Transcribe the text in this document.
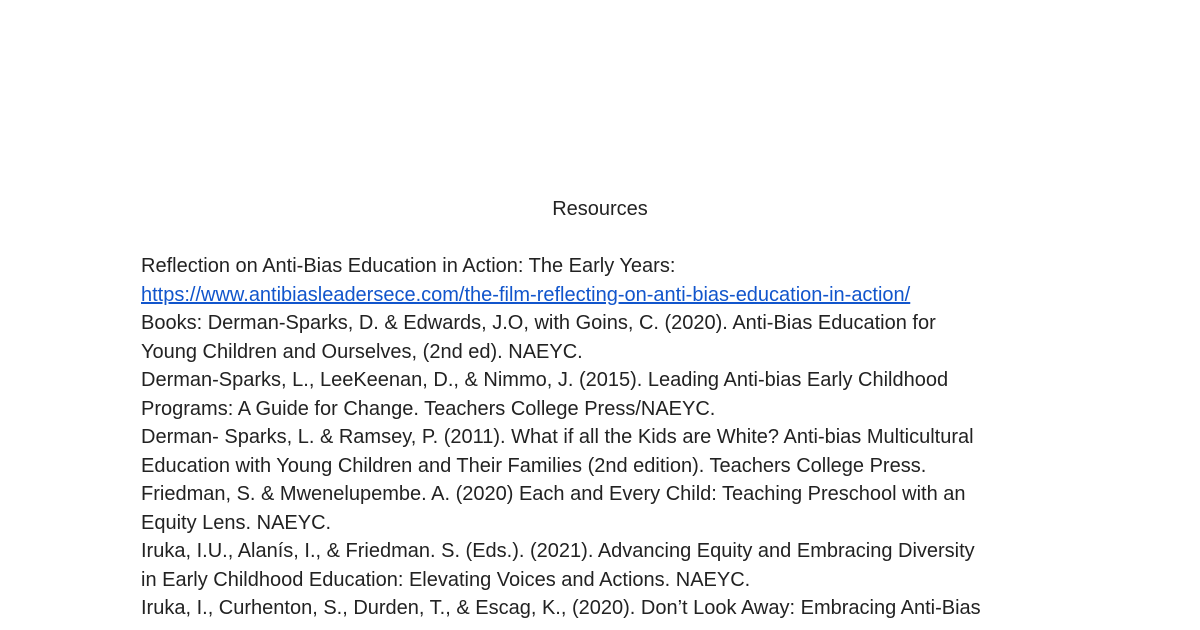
Resources
Reflection on Anti-Bias Education in Action: The Early Years:
https://www.antibiasleadersece.com/the-film-reflecting-on-anti-bias-education-in-action/
Books: Derman-Sparks, D. & Edwards, J.O, with Goins, C. (2020). Anti-Bias Education for
Young Children and Ourselves, (2nd ed). NAEYC.
Derman-Sparks, L., LeeKeenan, D., & Nimmo, J. (2015). Leading Anti-bias Early Childhood
Programs: A Guide for Change. Teachers College Press/NAEYC.
Derman- Sparks, L. & Ramsey, P. (2011). What if all the Kids are White? Anti-bias Multicultural
Education with Young Children and Their Families (2nd edition). Teachers College Press.
Friedman, S. & Mwenelupembe. A. (2020) Each and Every Child: Teaching Preschool with an
Equity Lens. NAEYC.
Iruka, I.U., Alanís, I., & Friedman. S. (Eds.). (2021). Advancing Equity and Embracing Diversity
in Early Childhood Education: Elevating Voices and Actions. NAEYC.
Iruka, I., Curhenton, S., Durden, T., & Escag, K., (2020). Don’t Look Away: Embracing Anti-Bias
